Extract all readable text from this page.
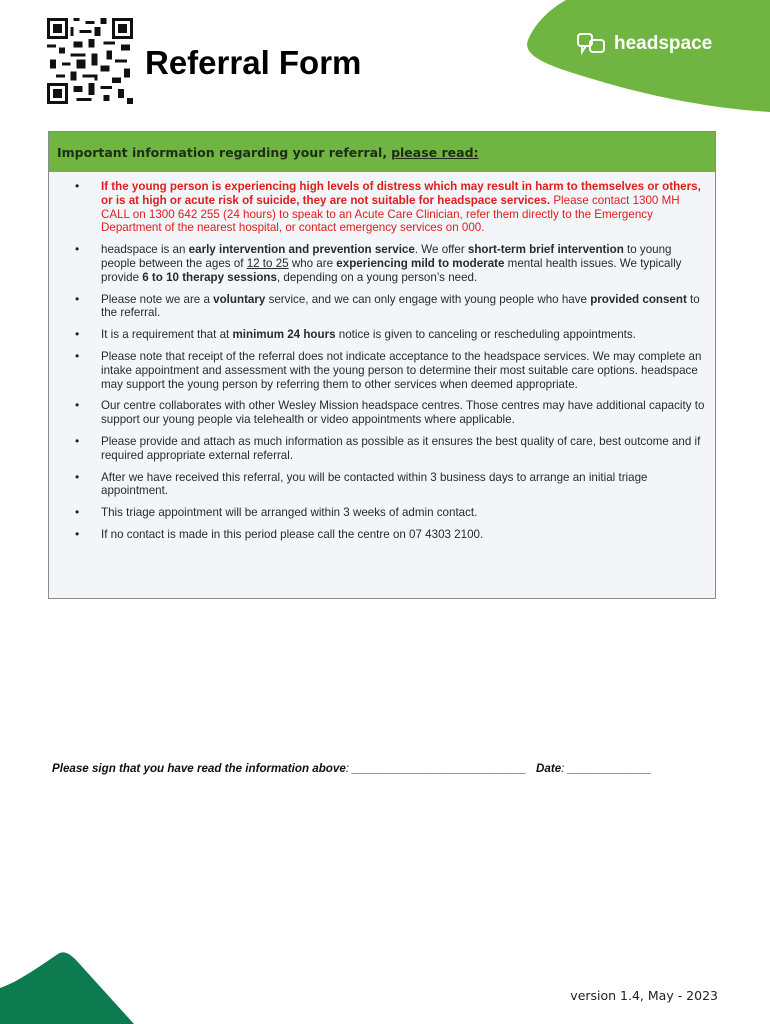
Referral Form
headspace
Important information regarding your referral, please read:
• If the young person is experiencing high levels of distress which may result in harm to themselves or others, or is at high or acute risk of suicide, they are not suitable for headspace services. Please contact 1300 MH CALL on 1300 642 255 (24 hours) to speak to an Acute Care Clinician, refer them directly to the Emergency Department of the nearest hospital, or contact emergency services on 000.
• headspace is an early intervention and prevention service. We offer short-term brief intervention to young people between the ages of 12 to 25 who are experiencing mild to moderate mental health issues. We typically provide 6 to 10 therapy sessions, depending on a young person’s need.
• Please note we are a voluntary service, and we can only engage with young people who have provided consent to the referral.
• It is a requirement that at minimum 24 hours notice is given to canceling or rescheduling appointments.
• Please note that receipt of the referral does not indicate acceptance to the headspace services. We may complete an intake appointment and assessment with the young person to determine their most suitable care options. headspace may support the young person by referring them to other services when deemed appropriate.
• Our centre collaborates with other Wesley Mission headspace centres. Those centres may have additional capacity to support our young people via telehealth or video appointments where applicable.
• Please provide and attach as much information as possible as it ensures the best quality of care, best outcome and if required appropriate external referral.
• After we have received this referral, you will be contacted within 3 business days to arrange an initial triage appointment.
• This triage appointment will be arranged within 3 weeks of admin contact.
• If no contact is made in this period please call the centre on 07 4303 2100.
Please sign that you have read the information above: ___________________________ Date: _____________
version 1.4, May - 2023
